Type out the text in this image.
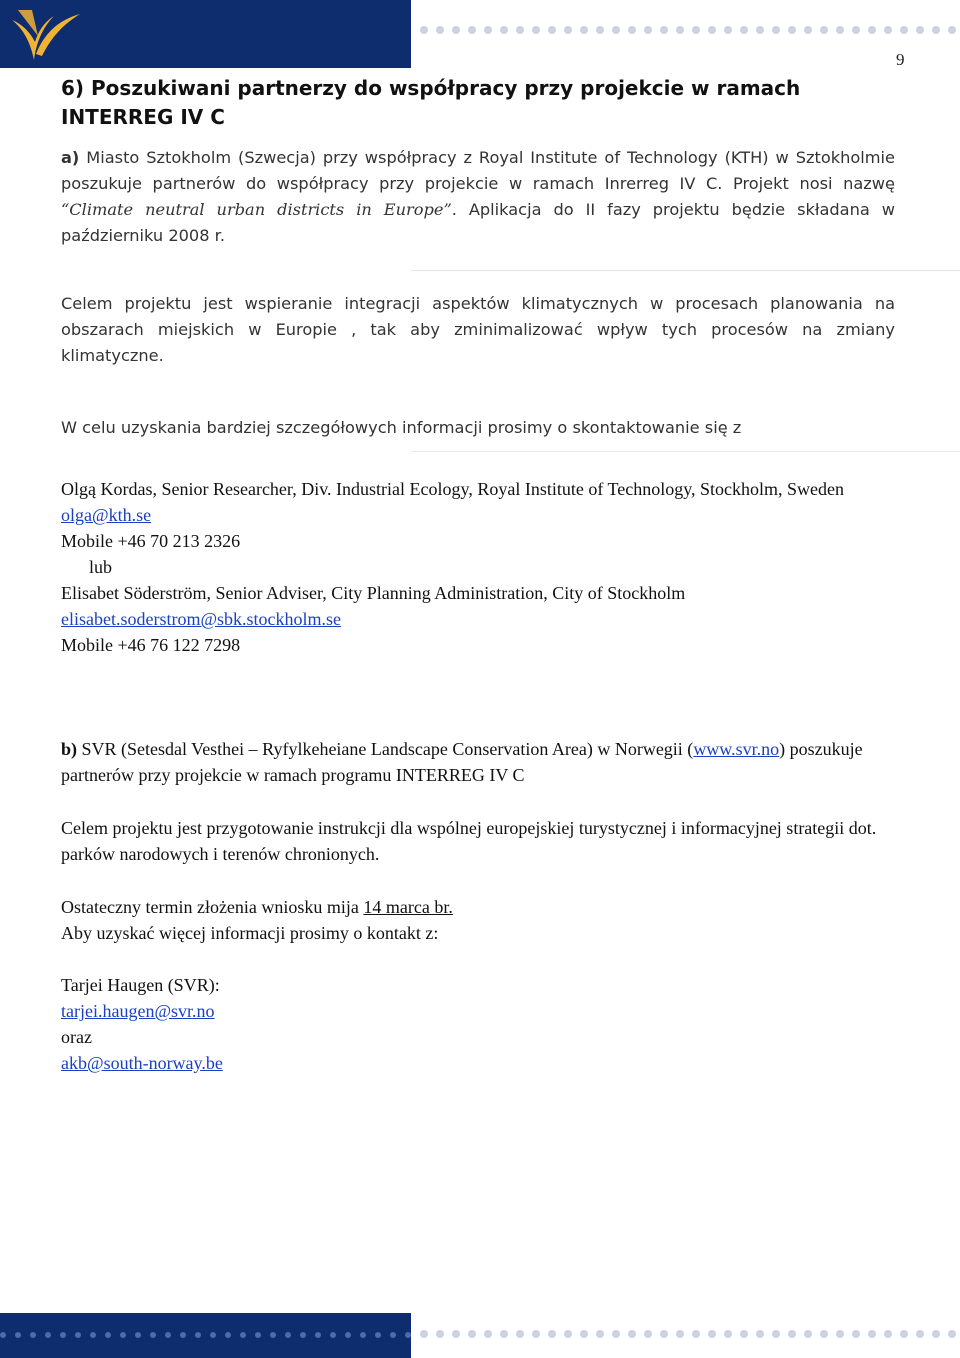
9
6) Poszukiwani partnerzy do współpracy przy projekcie w ramach INTERREG IV C

a) Miasto Sztokholm (Szwecja) przy współpracy z Royal Institute of Technology (KTH) w Sztokholmie poszukuje partnerów do współpracy przy projekcie w ramach Inrerreg IV C. Projekt nosi nazwę “Climate neutral urban districts in Europe”. Aplikacja do II fazy projektu będzie składana w październiku 2008 r.

Celem projektu jest wspieranie integracji aspektów klimatycznych w procesach planowania na obszarach miejskich w Europie , tak aby zminimalizować wpływ tych procesów na zmiany klimatyczne.

W celu uzyskania bardziej szczegółowych informacji prosimy o skontaktowanie się z

Olgą Kordas, Senior Researcher, Div. Industrial Ecology, Royal Institute of Technology, Stockholm, Sweden

olga@kth.se

Mobile +46 70 213 2326

lub

Elisabet Söderström, Senior Adviser, City Planning Administration, City of Stockholm

elisabet.soderstrom@sbk.stockholm.se

Mobile +46 76 122 7298

b) SVR (Setesdal Vesthei – Ryfylkeheiane Landscape Conservation Area) w Norwegii (www.svr.no) poszukuje partnerów przy projekcie w ramach programu INTERREG IV C

Celem projektu jest przygotowanie instrukcji dla wspólnej europejskiej turystycznej i informacyjnej strategii dot. parków narodowych i terenów chronionych.

Ostateczny termin złożenia wniosku mija 14 marca br.

Aby uzyskać więcej informacji prosimy o kontakt z:

Tarjei Haugen (SVR):

tarjei.haugen@svr.no

oraz

akb@south-norway.be
